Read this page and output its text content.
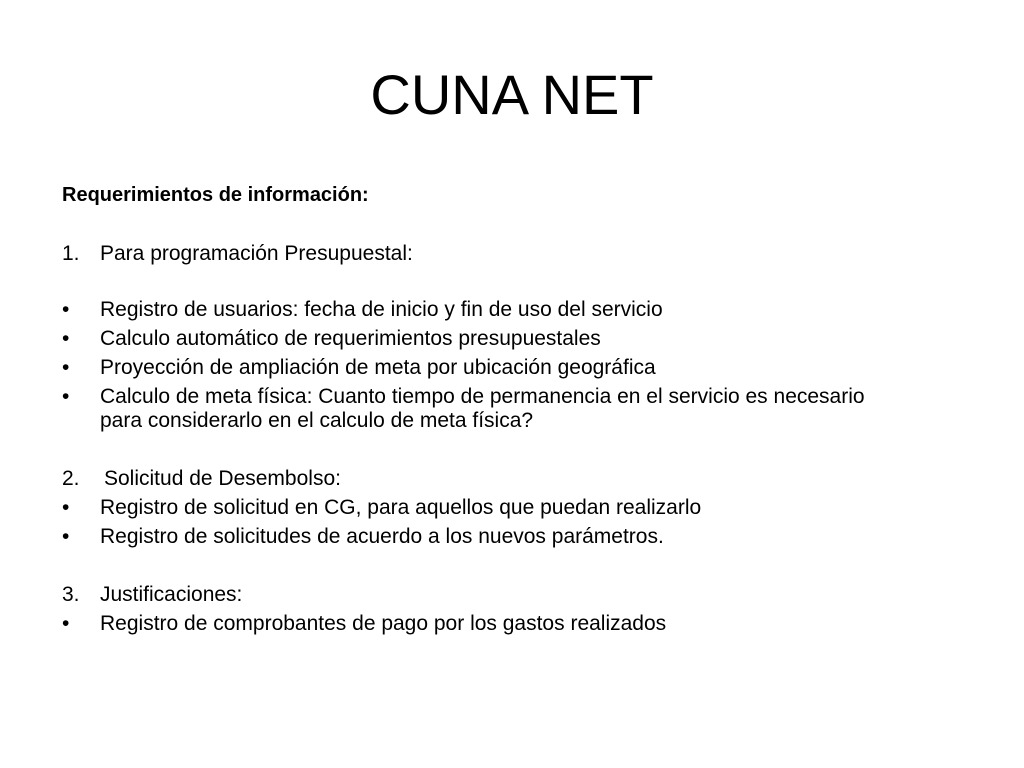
CUNA NET
Requerimientos de información:
1. Para programación Presupuestal:
• Registro de usuarios: fecha de inicio y fin de uso del servicio
• Calculo automático de requerimientos presupuestales
• Proyección de ampliación de meta por ubicación geográfica
• Calculo de meta física: Cuanto tiempo de permanencia en el servicio es necesario para considerarlo en el calculo de meta física?
2. Solicitud de Desembolso:
• Registro de solicitud en CG, para aquellos que puedan realizarlo
• Registro de solicitudes de acuerdo a los nuevos parámetros.
3. Justificaciones:
• Registro de comprobantes de pago por los gastos realizados
